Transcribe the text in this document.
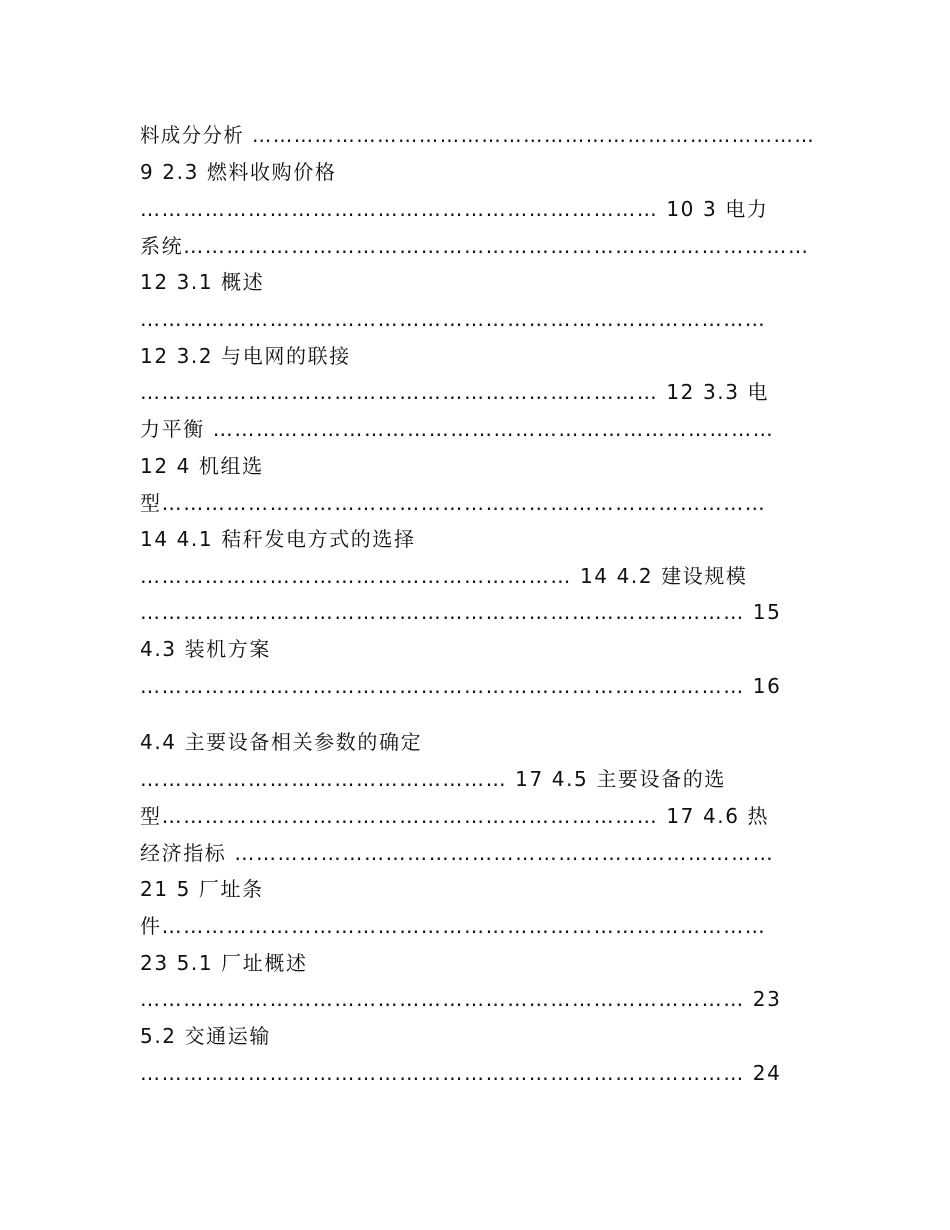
料成分分析 ………………………………………………………………………
9 2.3 燃料收购价格
……………………………………………………………… 10 3 电力
系统……………………………………………………………………………
12 3.1 概述
……………………………………………………………………………
12 3.2 与电网的联接
……………………………………………………………… 12 3.3 电
力平衡 ……………………………………………………………………
12 4 机组选
型…………………………………………………………………………
14 4.1 秸秆发电方式的选择
…………………………………………………… 14 4.2 建设规模
………………………………………………………………………… 15
4.3 装机方案
………………………………………………………………………… 16
4.4 主要设备相关参数的确定
…………………………………………… 17 4.5 主要设备的选
型…………………………………………………………… 17 4.6 热
经济指标 …………………………………………………………………
21 5 厂址条
件…………………………………………………………………………
23 5.1 厂址概述
………………………………………………………………………… 23
5.2 交通运输
………………………………………………………………………… 24
